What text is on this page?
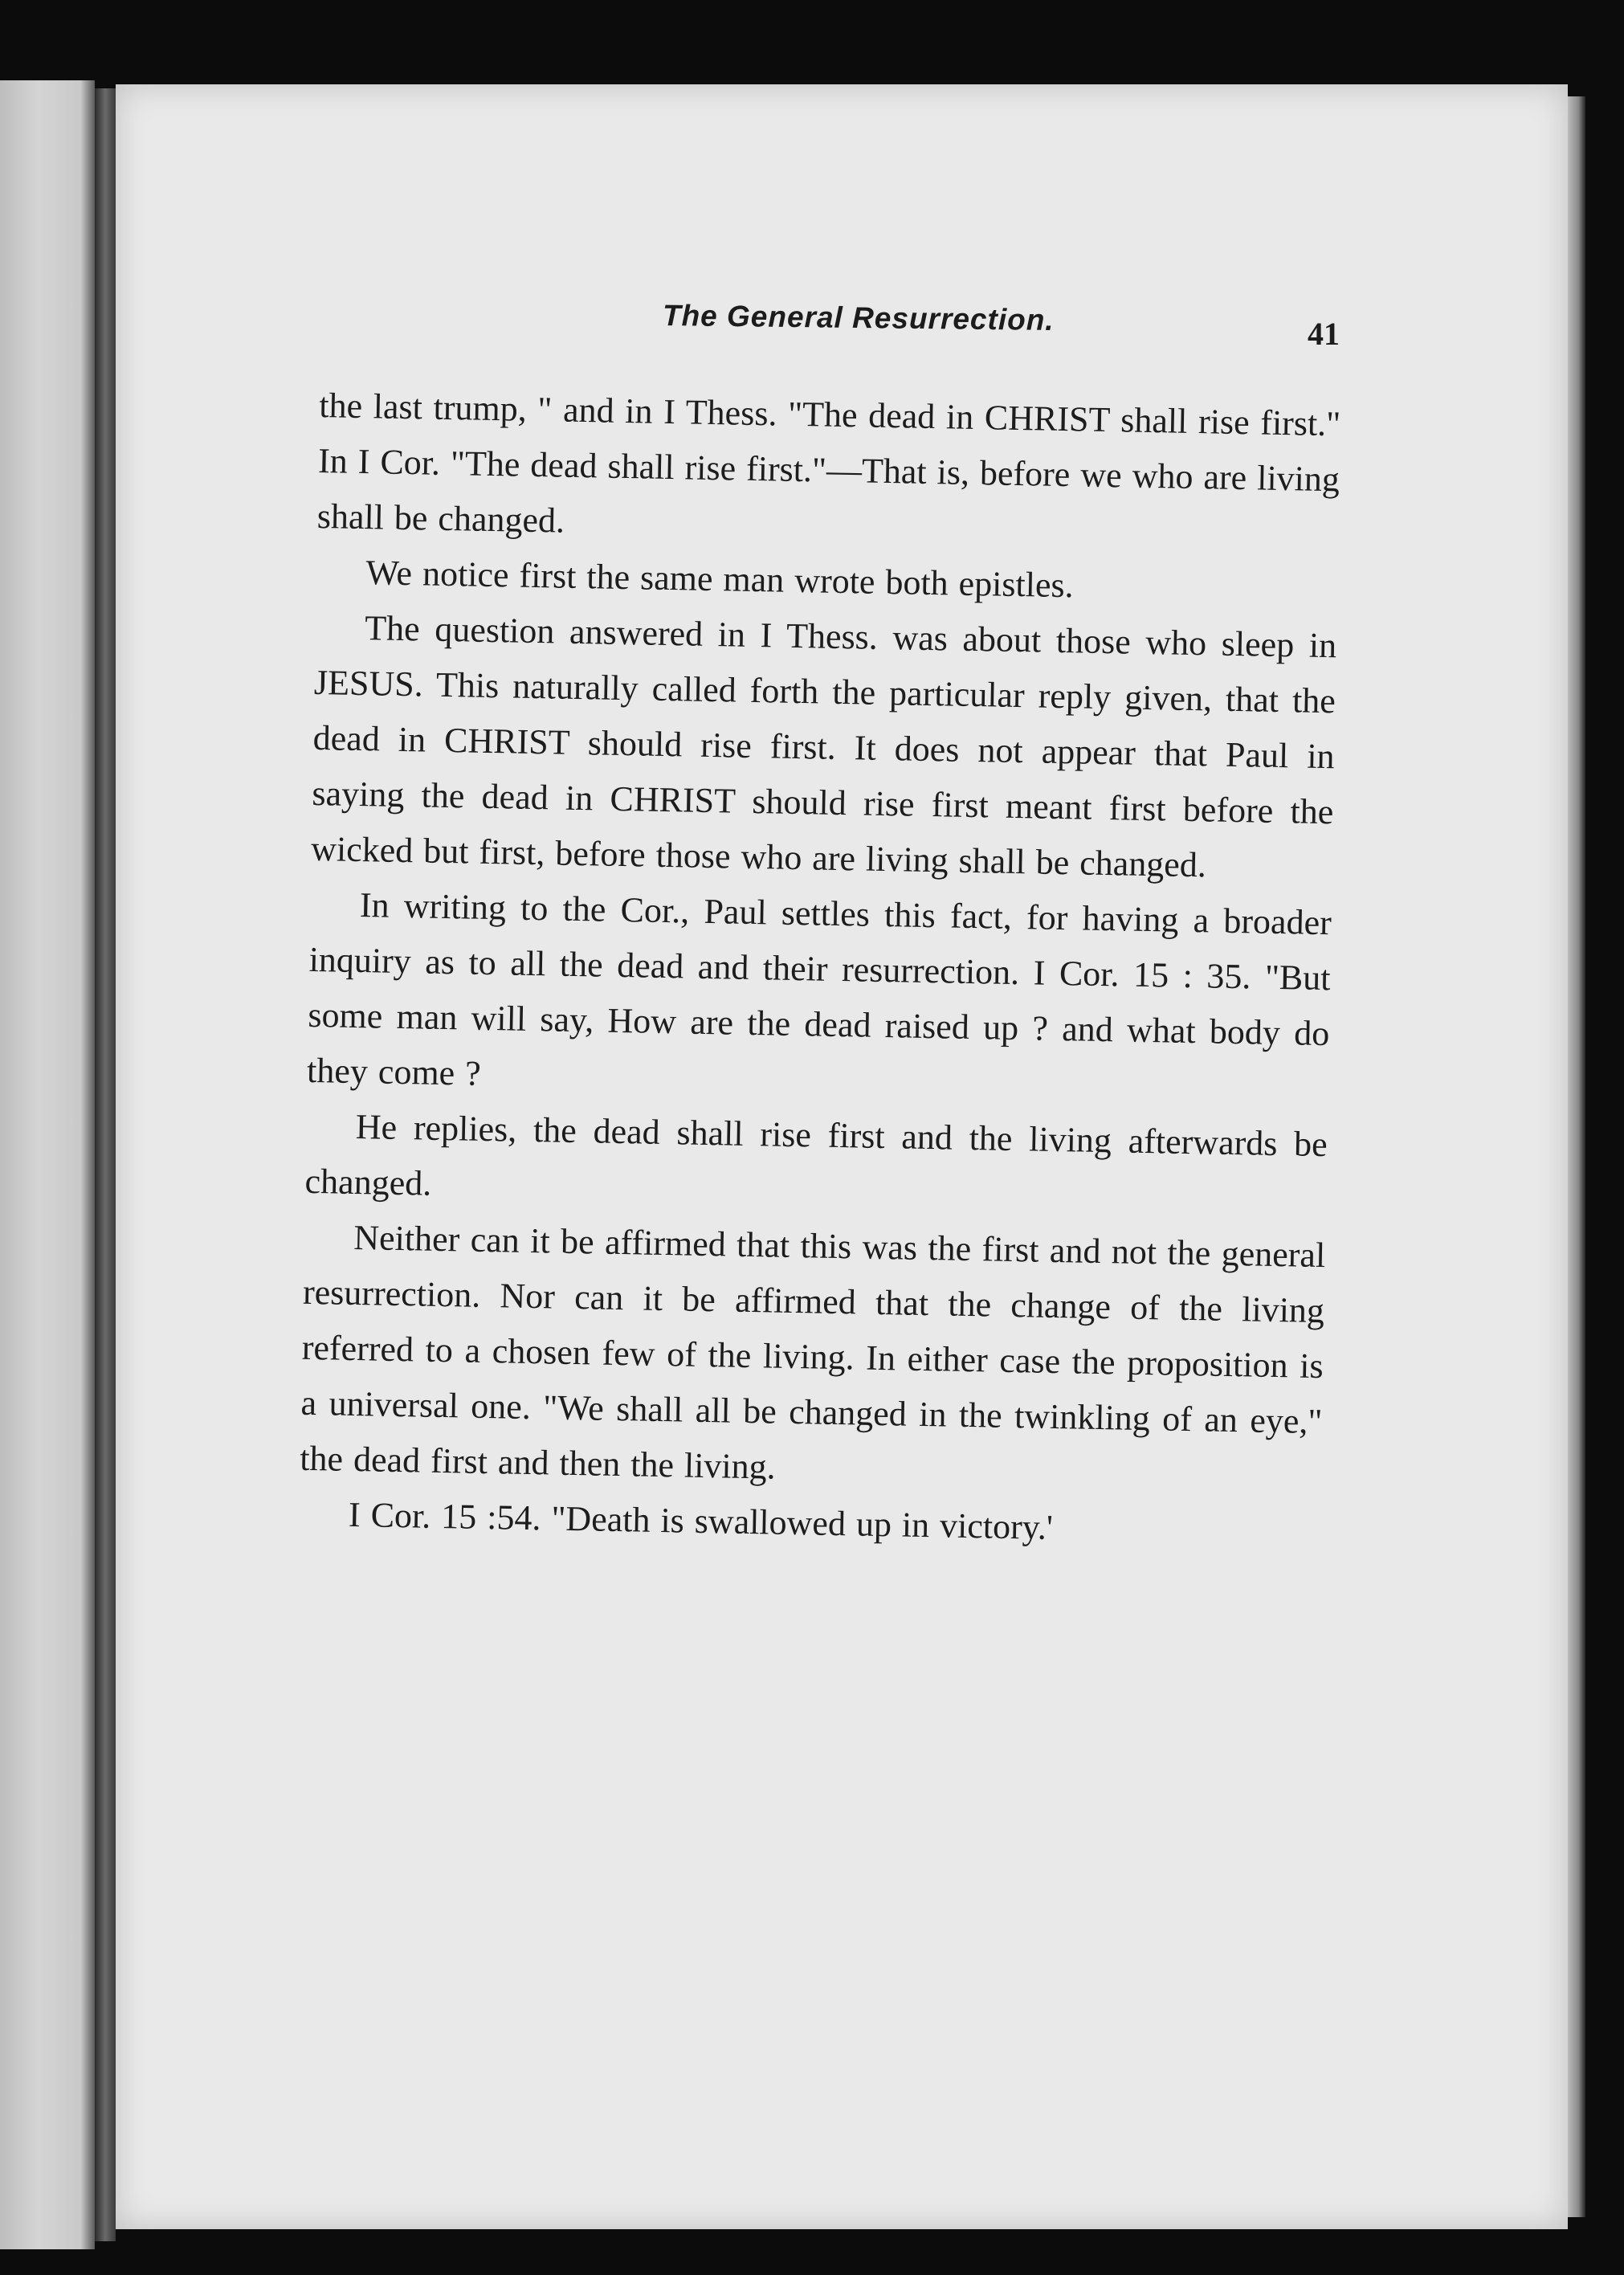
The General Resurrection.	41

the last trump, " and in I Thess. "The dead in CHRIST shall rise first." In I Cor. "The dead shall rise first."—That is, before we who are living shall be changed.

We notice first the same man wrote both epistles.

The question answered in I Thess. was about those who sleep in JESUS. This naturally called forth the particular reply given, that the dead in CHRIST should rise first. It does not appear that Paul in saying the dead in CHRIST should rise first meant first before the wicked but first, before those who are living shall be changed.

In writing to the Cor., Paul settles this fact, for having a broader inquiry as to all the dead and their resurrection. I Cor. 15 : 35. "But some man will say, How are the dead raised up ? and what body do they come ?

He replies, the dead shall rise first and the living afterwards be changed.

Neither can it be affirmed that this was the first and not the general resurrection. Nor can it be affirmed that the change of the living referred to a chosen few of the living. In either case the proposition is a universal one. "We shall all be changed in the twinkling of an eye," the dead first and then the living.

I Cor. 15 :54. "Death is swallowed up in victory.'
